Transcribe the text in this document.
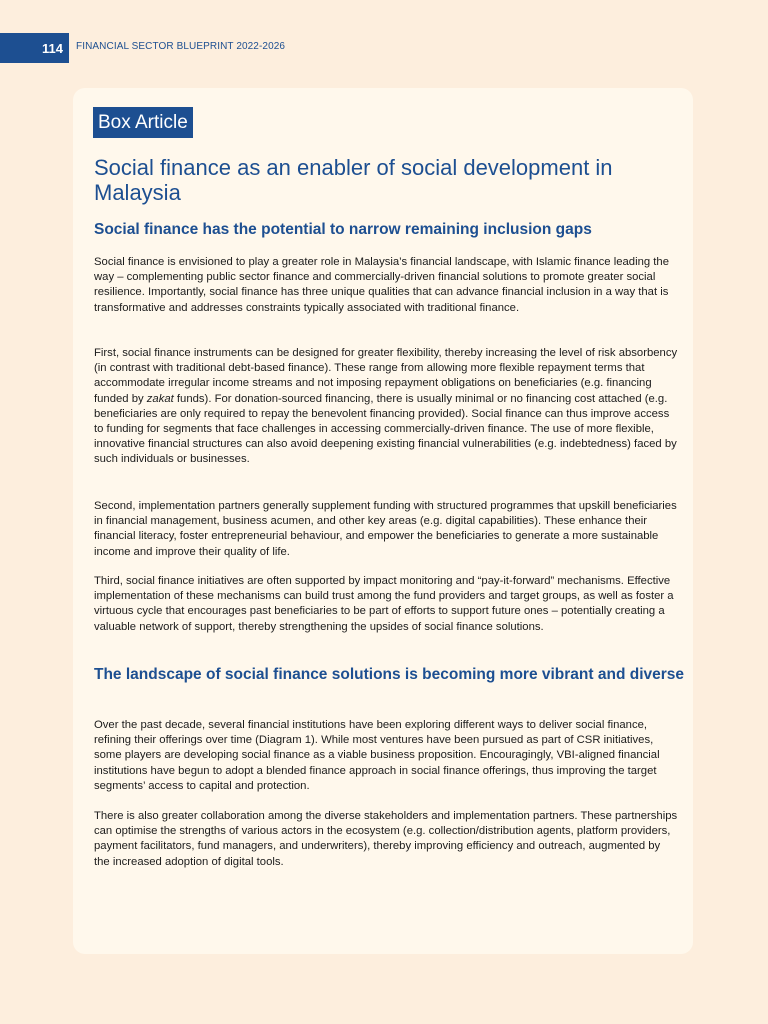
114	FINANCIAL SECTOR BLUEPRINT 2022-2026
Box Article
Social finance as an enabler of social development in Malaysia
Social finance has the potential to narrow remaining inclusion gaps

Social finance is envisioned to play a greater role in Malaysia’s financial landscape, with Islamic finance leading the way – complementing public sector finance and commercially-driven financial solutions to promote greater social resilience. Importantly, social finance has three unique qualities that can advance financial inclusion in a way that is transformative and addresses constraints typically associated with traditional finance.

First, social finance instruments can be designed for greater flexibility, thereby increasing the level of risk absorbency (in contrast with traditional debt-based finance). These range from allowing more flexible repayment terms that accommodate irregular income streams and not imposing repayment obligations on beneficiaries (e.g. financing funded by zakat funds). For donation-sourced financing, there is usually minimal or no financing cost attached (e.g. beneficiaries are only required to repay the benevolent financing provided). Social finance can thus improve access to funding for segments that face challenges in accessing commercially-driven finance. The use of more flexible, innovative financial structures can also avoid deepening existing financial vulnerabilities (e.g. indebtedness) faced by such individuals or businesses.

Second, implementation partners generally supplement funding with structured programmes that upskill beneficiaries in financial management, business acumen, and other key areas (e.g. digital capabilities). These enhance their financial literacy, foster entrepreneurial behaviour, and empower the beneficiaries to generate a more sustainable income and improve their quality of life.

Third, social finance initiatives are often supported by impact monitoring and “pay-it-forward” mechanisms. Effective implementation of these mechanisms can build trust among the fund providers and target groups, as well as foster a virtuous cycle that encourages past beneficiaries to be part of efforts to support future ones – potentially creating a valuable network of support, thereby strengthening the upsides of social finance solutions.

The landscape of social finance solutions is becoming more vibrant and diverse

Over the past decade, several financial institutions have been exploring different ways to deliver social finance, refining their offerings over time (Diagram 1). While most ventures have been pursued as part of CSR initiatives, some players are developing social finance as a viable business proposition. Encouragingly, VBI-aligned financial institutions have begun to adopt a blended finance approach in social finance offerings, thus improving the target segments’ access to capital and protection.

There is also greater collaboration among the diverse stakeholders and implementation partners. These partnerships can optimise the strengths of various actors in the ecosystem (e.g. collection/distribution agents, platform providers, payment facilitators, fund managers, and underwriters), thereby improving efficiency and outreach, augmented by the increased adoption of digital tools.
